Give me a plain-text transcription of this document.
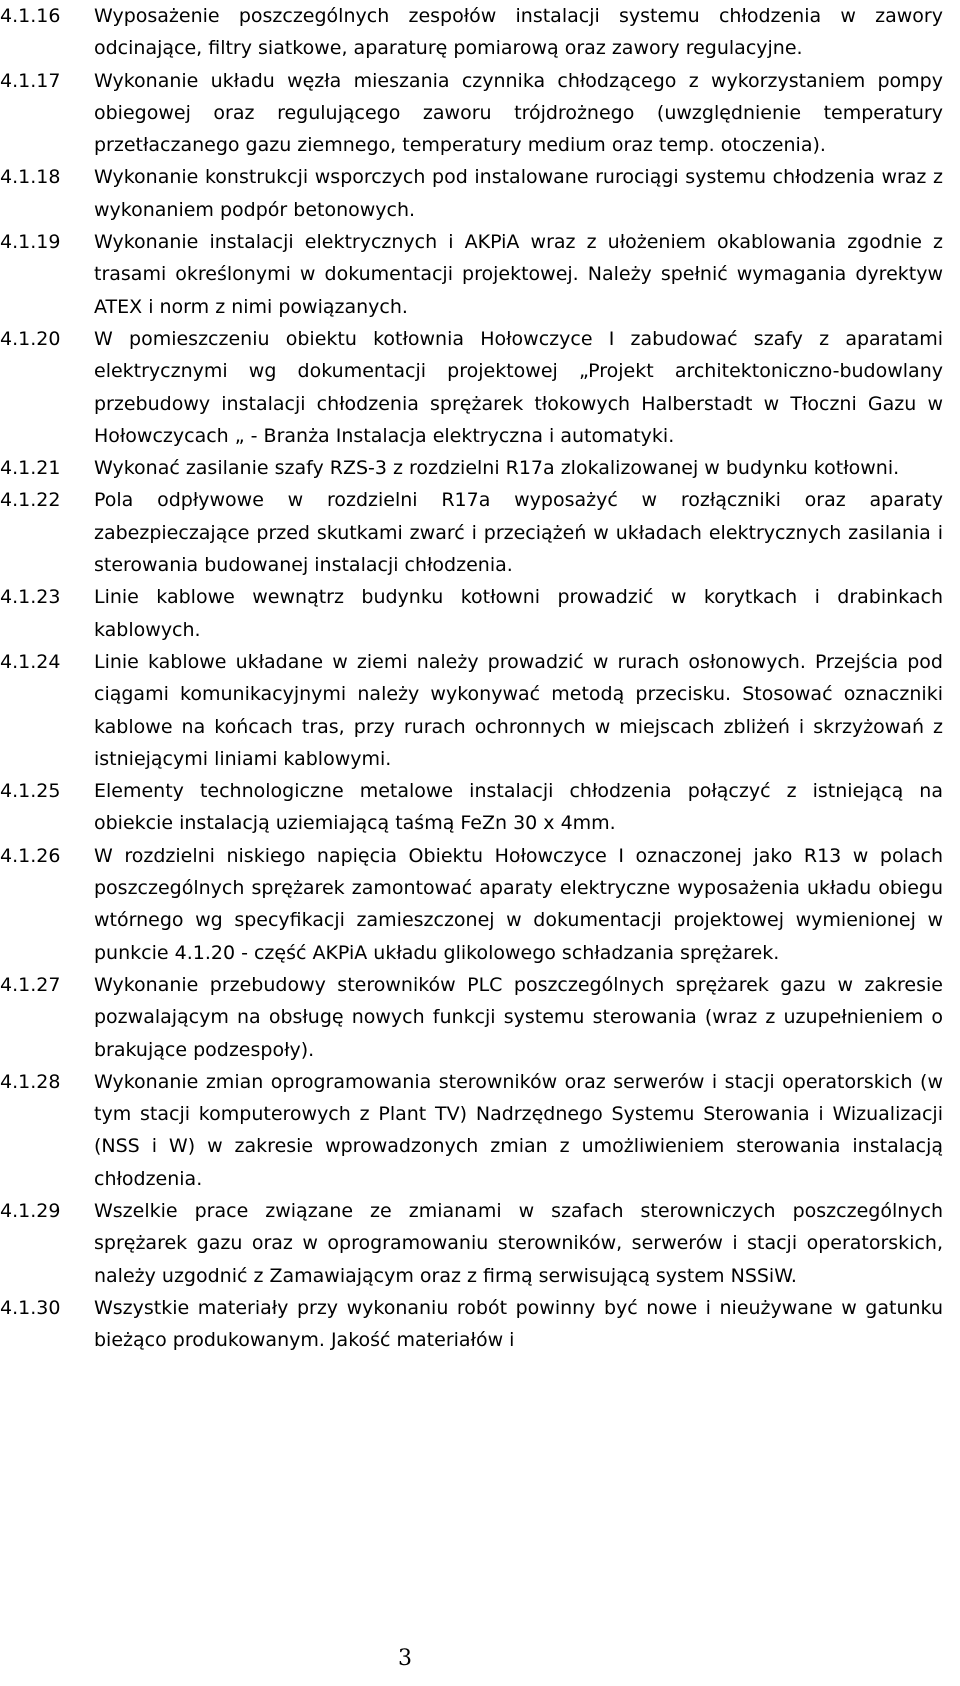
4.1.16	Wyposażenie poszczególnych zespołów instalacji systemu chłodzenia w zawory odcinające, filtry siatkowe, aparaturę pomiarową oraz zawory regulacyjne.
4.1.17	Wykonanie układu węzła mieszania czynnika chłodzącego z wykorzystaniem pompy obiegowej oraz regulującego zaworu trójdrożnego (uwzględnienie temperatury przetłaczanego gazu ziemnego, temperatury medium oraz temp. otoczenia).
4.1.18	Wykonanie konstrukcji wsporczych pod instalowane rurociągi systemu chłodzenia wraz z wykonaniem podpór betonowych.
4.1.19	Wykonanie instalacji elektrycznych i AKPiA wraz z ułożeniem okablowania zgodnie z trasami określonymi w dokumentacji projektowej. Należy spełnić wymagania dyrektyw ATEX i norm z nimi powiązanych.
4.1.20	W pomieszczeniu obiektu kotłownia Hołowczyce I zabudować szafy z aparatami elektrycznymi wg dokumentacji projektowej „Projekt architektoniczno-budowlany przebudowy instalacji chłodzenia sprężarek tłokowych Halberstadt w Tłoczni Gazu w Hołowczycach „ - Branża Instalacja elektryczna i automatyki.
4.1.21	Wykonać zasilanie szafy RZS-3 z rozdzielni R17a zlokalizowanej w budynku kotłowni.
4.1.22	Pola odpływowe w rozdzielni R17a wyposażyć w rozłączniki oraz aparaty zabezpieczające przed skutkami zwarć i przeciążeń w układach elektrycznych zasilania i sterowania budowanej instalacji chłodzenia.
4.1.23	Linie kablowe wewnątrz budynku kotłowni prowadzić w korytkach i drabinkach kablowych.
4.1.24	Linie kablowe układane w ziemi należy prowadzić w rurach osłonowych. Przejścia pod ciągami komunikacyjnymi należy wykonywać metodą przecisku. Stosować oznaczniki kablowe na końcach tras, przy rurach ochronnych w miejscach zbliżeń i skrzyżowań z istniejącymi liniami kablowymi.
4.1.25	Elementy technologiczne metalowe instalacji chłodzenia połączyć z istniejącą na obiekcie instalacją uziemiającą taśmą FeZn 30 x 4mm.
4.1.26	W rozdzielni niskiego napięcia Obiektu Hołowczyce I oznaczonej jako R13 w polach poszczególnych sprężarek zamontować aparaty elektryczne wyposażenia układu obiegu wtórnego wg specyfikacji zamieszczonej w dokumentacji projektowej wymienionej w punkcie 4.1.20 - część AKPiA układu glikolowego schładzania sprężarek.
4.1.27	Wykonanie przebudowy sterowników PLC poszczególnych sprężarek gazu w zakresie pozwalającym na obsługę nowych funkcji systemu sterowania (wraz z uzupełnieniem o brakujące podzespoły).
4.1.28	Wykonanie zmian oprogramowania sterowników oraz serwerów i stacji operatorskich (w tym stacji komputerowych z Plant TV) Nadrzędnego Systemu Sterowania i Wizualizacji (NSS i W) w zakresie wprowadzonych zmian z umożliwieniem sterowania instalacją chłodzenia.
4.1.29	Wszelkie prace związane ze zmianami w szafach sterowniczych poszczególnych sprężarek gazu oraz w oprogramowaniu sterowników, serwerów i stacji operatorskich, należy uzgodnić z Zamawiającym oraz z firmą serwisującą system NSSiW.
4.1.30	Wszystkie materiały przy wykonaniu robót powinny być nowe i nieużywane w gatunku bieżąco produkowanym. Jakość materiałów i
3
